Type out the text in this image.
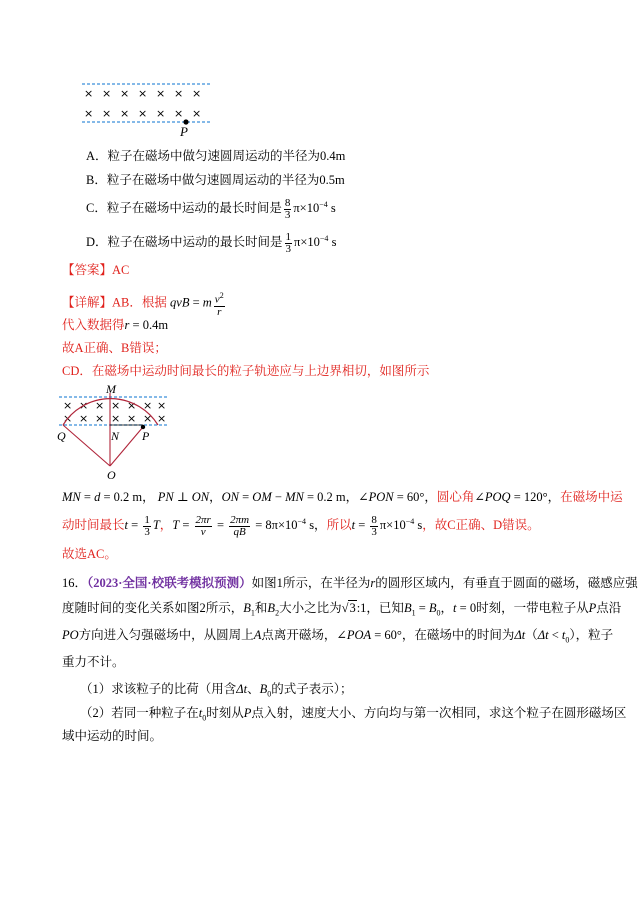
× × × × × × ×
× × × × × × ×
P
A．粒子在磁场中做匀速圆周运动的半径为0.4m
B．粒子在磁场中做匀速圆周运动的半径为0.5m
C．粒子在磁场中运动的最长时间是 $\frac{8}{3} \pi\times 10^{-4}$ s
D．粒子在磁场中运动的最长时间是 $\frac{1}{3} \pi\times 10^{-4}$ s
【答案】AC
【详解】AB．根据 qvB = m $\frac{v^2}{r}$
代入数据得r = 0.4m
故A正确、B错误；
CD．在磁场中运动时间最长的粒子轨迹应与上边界相切，如图所示
× × × × × × ×
× × × × × × ×
M
Q	N P
O
MN = d = 0.2 m， PN ⊥ ON，ON = OM − MN = 0.2 m，∠PON = 60°，圆心角∠POQ = 120°，在磁场中运
动时间最长$t = \frac{1}{3}$ T，$T = \frac{2\pi r}{v} = \frac{2\pi m}{qB} = 8\pi\times 10^{-4}$ s，所以$t = \frac{8}{3} \pi\times 10^{-4}$ s，故C正确、D错误。
故选AC。
16．（2023·全国·校联考模拟预测）如图1所示，在半径为r的圆形区域内，有垂直于圆面的磁场，磁感应强
度随时间的变化关系如图2所示，$B_1$和$B_2$大小之比为√3:1，已知$B_1 = B_0$，t = 0时刻，一带电粒子从P点沿
PO方向进入匀强磁场中，从圆周上A点离开磁场，∠POA = 60°，在磁场中的时间为$\Delta t(\Delta t < t_0)$，粒子
重力不计。
（1）求该粒子的比荷（用含Δt、$B_0$的式子表示）；
（2）若同一种粒子在$t_0$时刻从P点入射，速度大小、方向均与第一次相同，求这个粒子在圆形磁场区
域中运动的时间。
